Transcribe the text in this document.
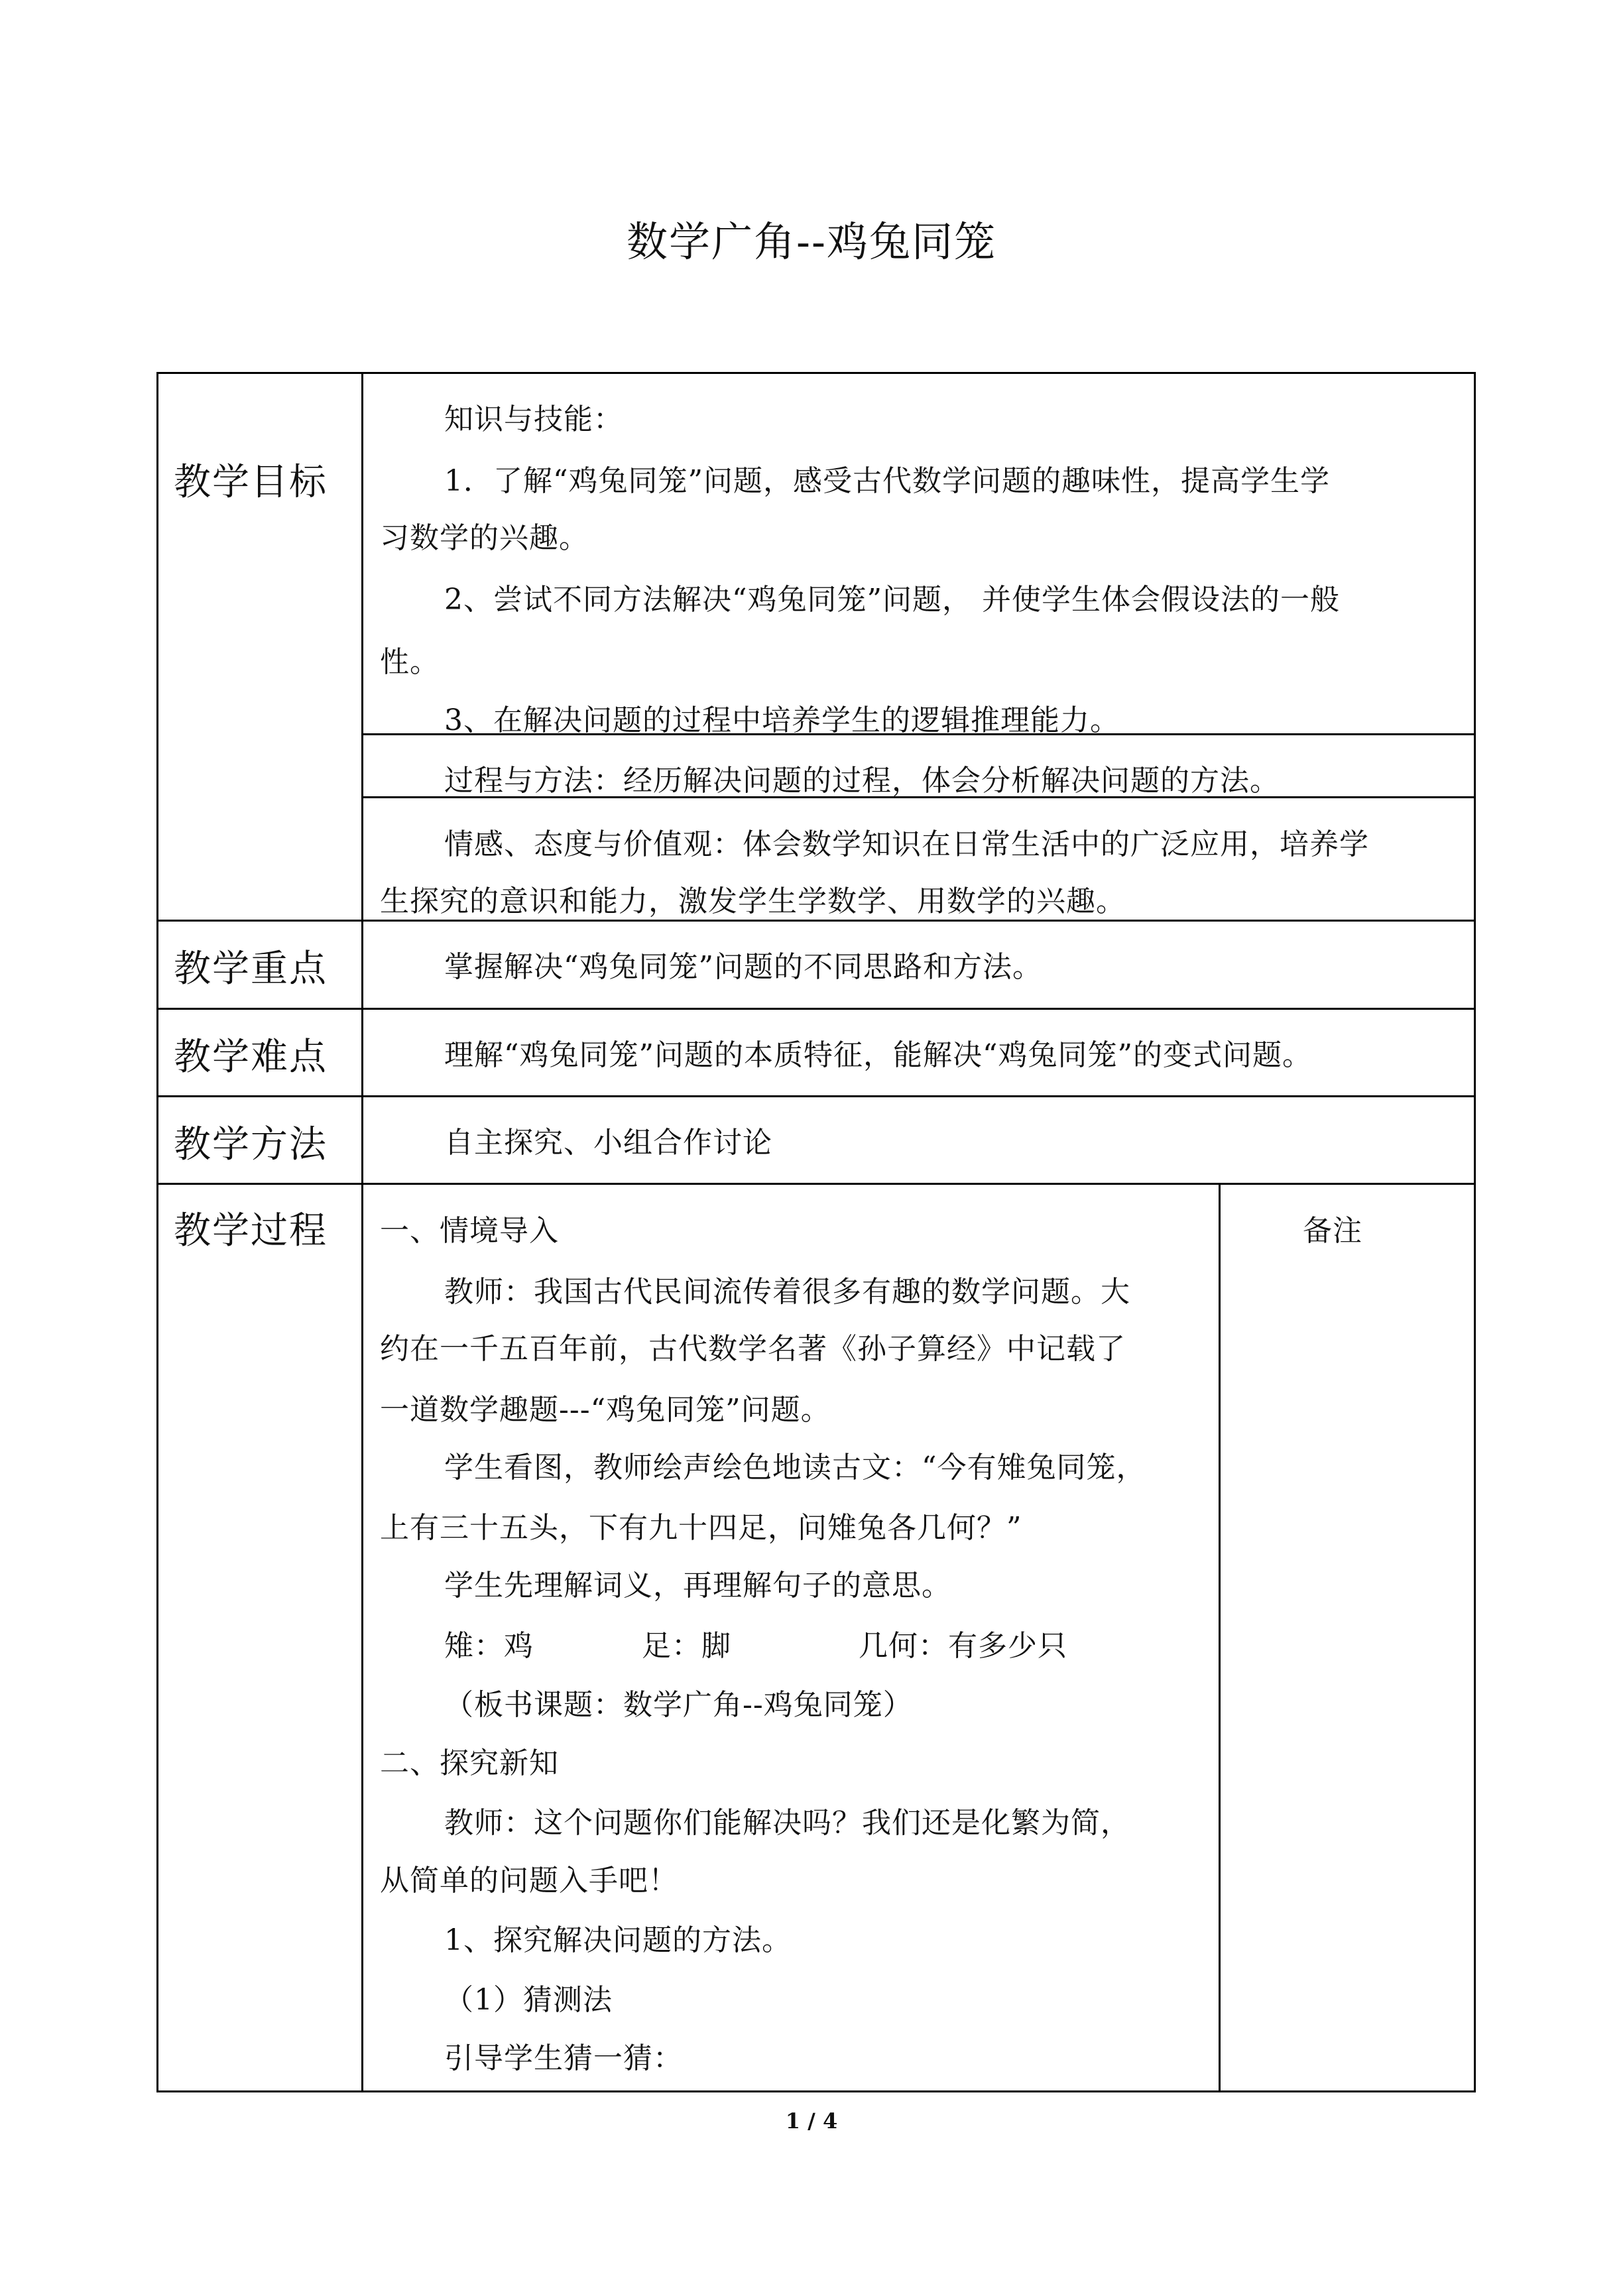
数学广角--鸡兔同笼
教学目标
教学重点
教学难点
教学方法
教学过程
知识与技能：
1．了解“鸡兔同笼”问题，感受古代数学问题的趣味性，提高学生学
习数学的兴趣。
2、尝试不同方法解决“鸡兔同笼”问题， 并使学生体会假设法的一般
性。
3、在解决问题的过程中培养学生的逻辑推理能力。
过程与方法：经历解决问题的过程，体会分析解决问题的方法。
情感、态度与价值观：体会数学知识在日常生活中的广泛应用，培养学
生探究的意识和能力，激发学生学数学、用数学的兴趣。
掌握解决“鸡兔同笼”问题的不同思路和方法。
理解“鸡兔同笼”问题的本质特征，能解决“鸡兔同笼”的变式问题。
自主探究、小组合作讨论
备注
一、情境导入
教师：我国古代民间流传着很多有趣的数学问题。大
约在一千五百年前，古代数学名著《孙子算经》中记载了
一道数学趣题---“鸡兔同笼”问题。
学生看图，教师绘声绘色地读古文：“今有雉兔同笼，
上有三十五头，下有九十四足，问雉兔各几何？”
学生先理解词义，再理解句子的意思。
雉：鸡	足：脚	几何：有多少只
（板书课题：数学广角--鸡兔同笼）
二、探究新知
教师：这个问题你们能解决吗？我们还是化繁为简，
从简单的问题入手吧！
1、探究解决问题的方法。
（1）猜测法
引导学生猜一猜：
1 / 4
